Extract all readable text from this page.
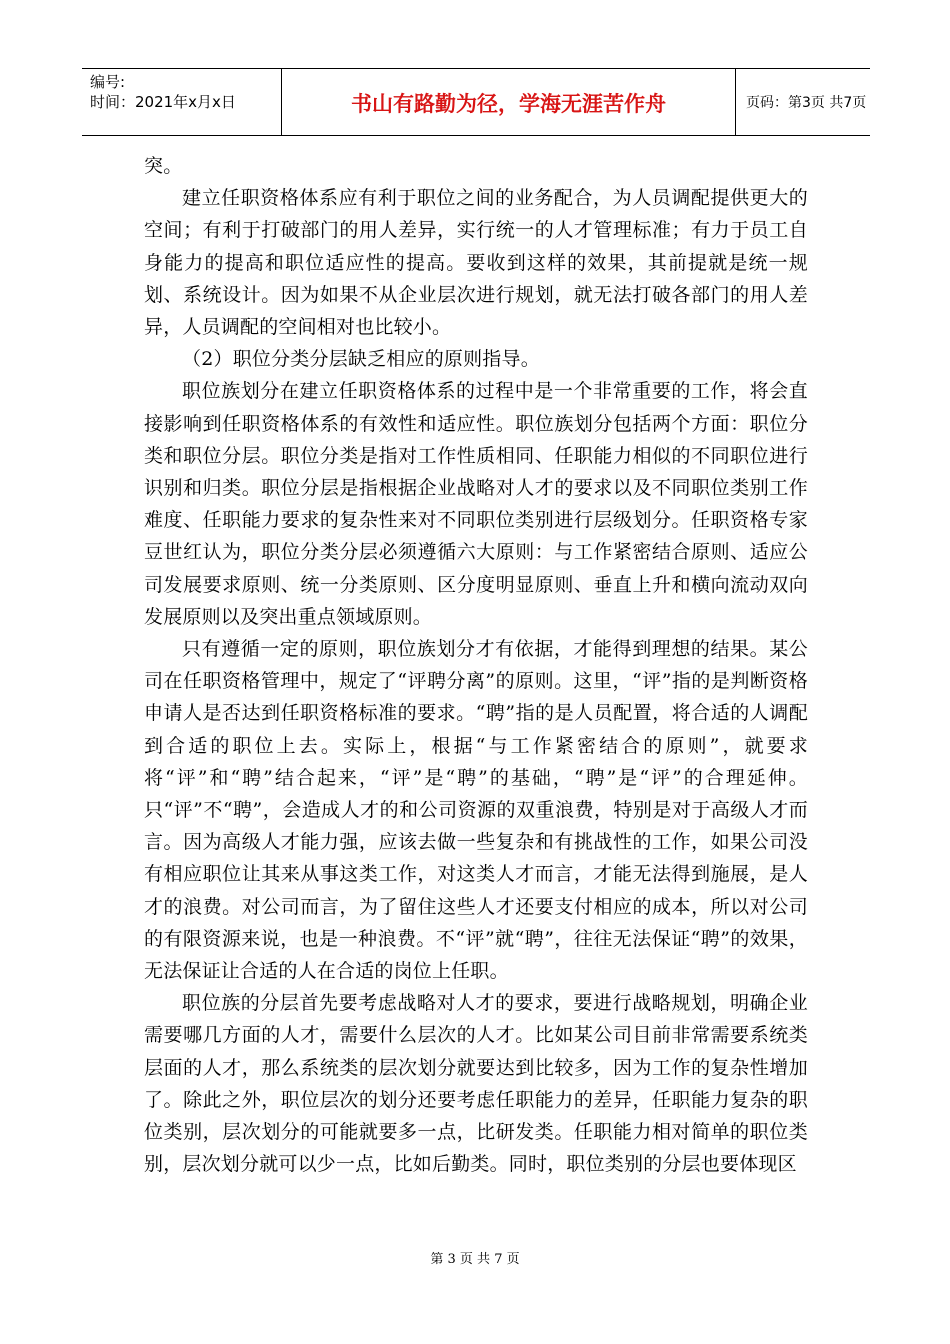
编号:
时间：2021年x月x日	书山有路勤为径，学海无涯苦作舟	页码：第3页 共7页

突。

建立任职资格体系应有利于职位之间的业务配合，为人员调配提供更大的空间；有利于打破部门的用人差异，实行统一的人才管理标准；有力于员工自身能力的提高和职位适应性的提高。要收到这样的效果，其前提就是统一规划、系统设计。因为如果不从企业层次进行规划，就无法打破各部门的用人差异，人员调配的空间相对也比较小。

（2）职位分类分层缺乏相应的原则指导。

职位族划分在建立任职资格体系的过程中是一个非常重要的工作，将会直接影响到任职资格体系的有效性和适应性。职位族划分包括两个方面：职位分类和职位分层。职位分类是指对工作性质相同、任职能力相似的不同职位进行识别和归类。职位分层是指根据企业战略对人才的要求以及不同职位类别工作难度、任职能力要求的复杂性来对不同职位类别进行层级划分。任职资格专家豆世红认为，职位分类分层必须遵循六大原则：与工作紧密结合原则、适应公司发展要求原则、统一分类原则、区分度明显原则、垂直上升和横向流动双向发展原则以及突出重点领域原则。

只有遵循一定的原则，职位族划分才有依据，才能得到理想的结果。某公司在任职资格管理中，规定了“评聘分离”的原则。这里，“评”指的是判断资格申请人是否达到任职资格标准的要求。“聘”指的是人员配置，将合适的人调配到合适的职位上去。实际上，根据“与工作紧密结合的原则”，就要求将“评”和“聘”结合起来，“评”是“聘”的基础，“聘”是“评”的合理延伸。只“评”不“聘”，会造成人才的和公司资源的双重浪费，特别是对于高级人才而言。因为高级人才能力强，应该去做一些复杂和有挑战性的工作，如果公司没有相应职位让其来从事这类工作，对这类人才而言，才能无法得到施展，是人才的浪费。对公司而言，为了留住这些人才还要支付相应的成本，所以对公司的有限资源来说，也是一种浪费。不“评”就“聘”，往往无法保证“聘”的效果，无法保证让合适的人在合适的岗位上任职。

职位族的分层首先要考虑战略对人才的要求，要进行战略规划，明确企业需要哪几方面的人才，需要什么层次的人才。比如某公司目前非常需要系统类层面的人才，那么系统类的层次划分就要达到比较多，因为工作的复杂性增加了。除此之外，职位层次的划分还要考虑任职能力的差异，任职能力复杂的职位类别，层次划分的可能就要多一点，比研发类。任职能力相对简单的职位类别，层次划分就可以少一点，比如后勤类。同时，职位类别的分层也要体现区

第 3 页 共 7 页
